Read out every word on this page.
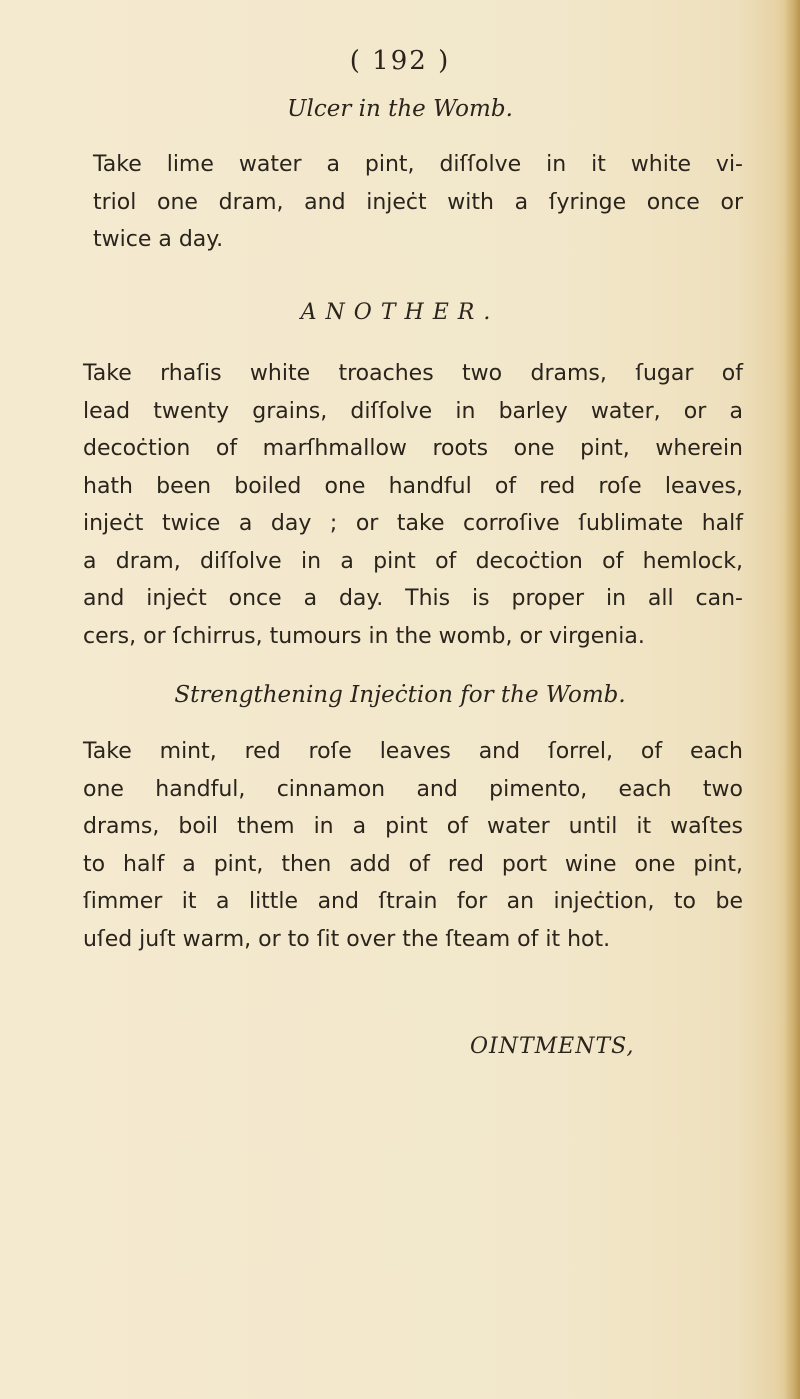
( 192 )
Ulcer in the Womb.
Take lime water a pint, diſſolve in it white vi-
triol one dram, and injeċt with a ſyringe once or
twice a day.
ANOTHER.
Take rhaſis white troaches two drams, ſugar of
lead twenty grains, diſſolve in barley water, or a
decoċtion of marſhmallow roots one pint, wherein
hath been boiled one handful of red roſe leaves,
injeċt twice a day ; or take corroſive ſublimate half
a dram, diſſolve in a pint of decoċtion of hemlock,
and injeċt once a day. This is proper in all can-
cers, or ſchirrus, tumours in the womb, or virgenia.
Strengthening Injeċtion for the Womb.
Take mint, red roſe leaves and ſorrel, of each
one handful, cinnamon and pimento, each two
drams, boil them in a pint of water until it waſtes
to half a pint, then add of red port wine one pint,
ſimmer it a little and ſtrain for an injeċtion, to be
uſed juſt warm, or to ſit over the ſteam of it hot.
OINTMENTS,
